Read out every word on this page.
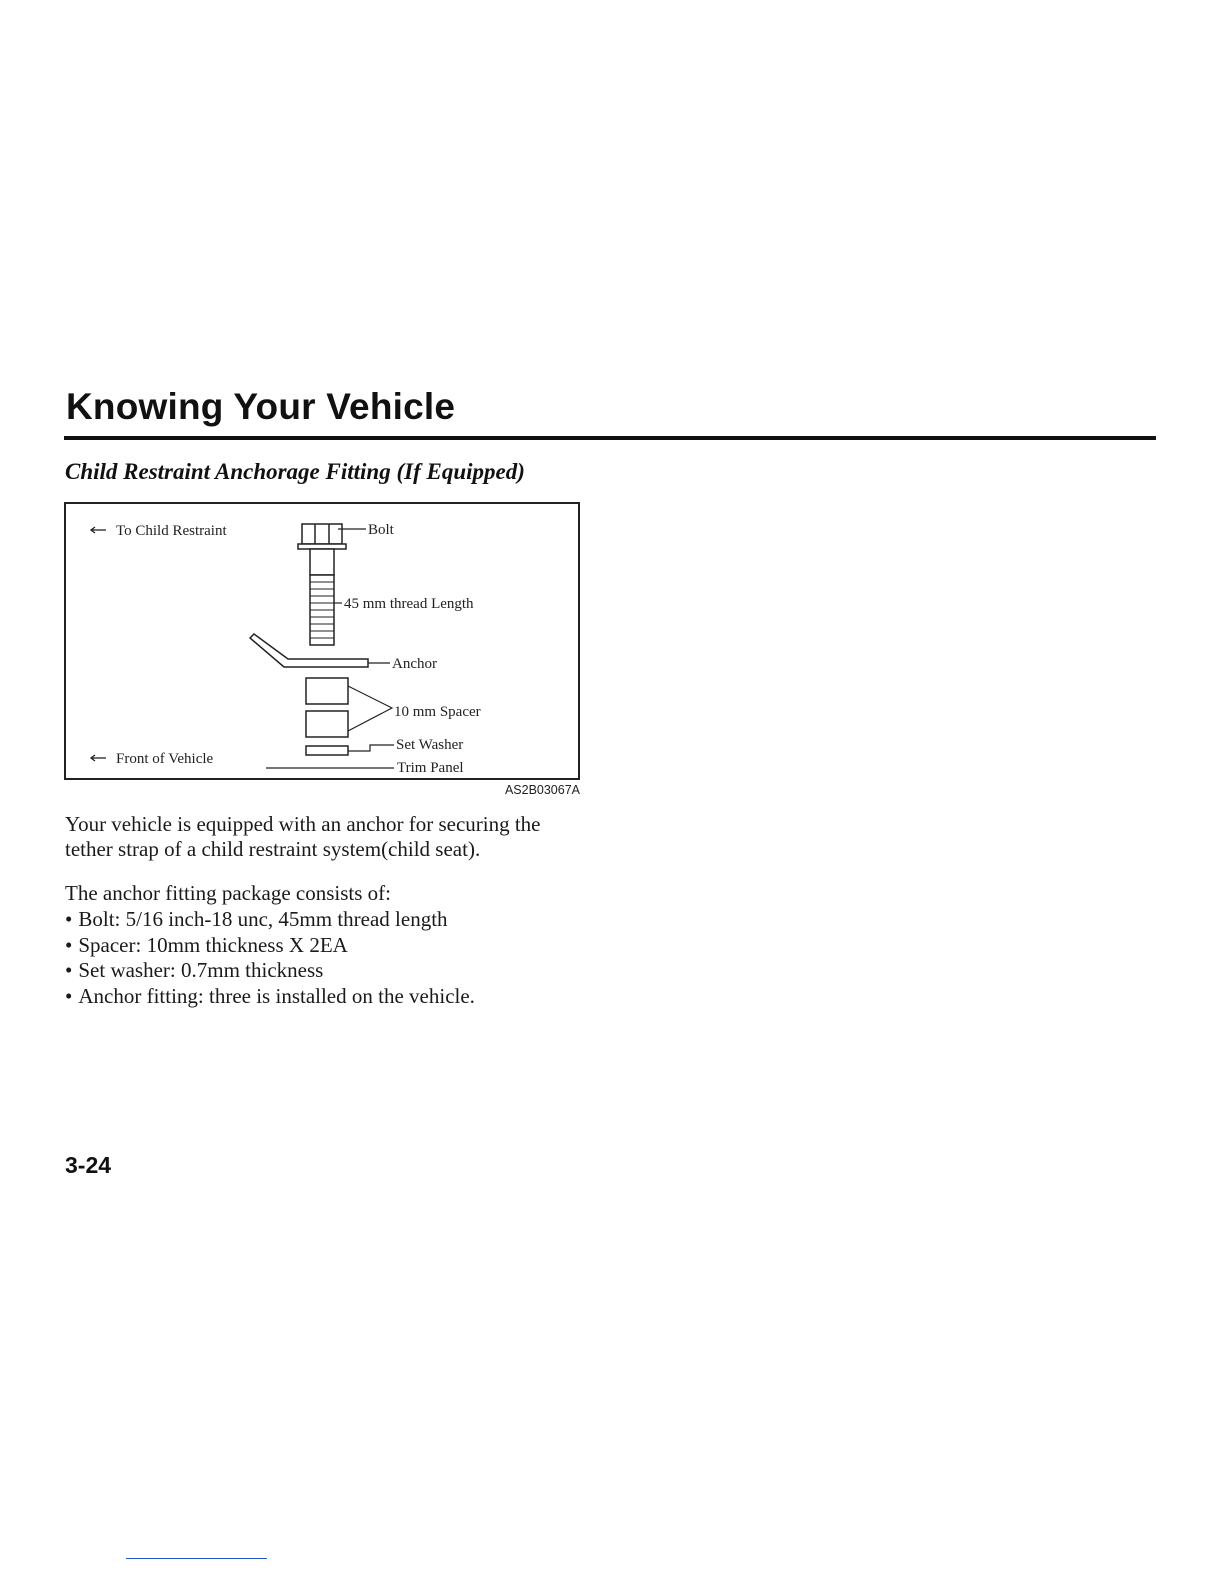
Knowing Your Vehicle
Child Restraint Anchorage Fitting (If Equipped)
To Child Restraint
Front of Vehicle
Bolt
45 mm thread Length
Anchor
10 mm Spacer
Set Washer
Trim Panel
AS2B03067A

Your vehicle is equipped with an anchor for securing the tether strap of a child restraint system(child seat).

The anchor fitting package consists of:

• Bolt: 5/16 inch-18 unc, 45mm thread length
• Spacer: 10mm thickness X 2EA
• Set washer: 0.7mm thickness
• Anchor fitting: three is installed on the vehicle.
3-24
